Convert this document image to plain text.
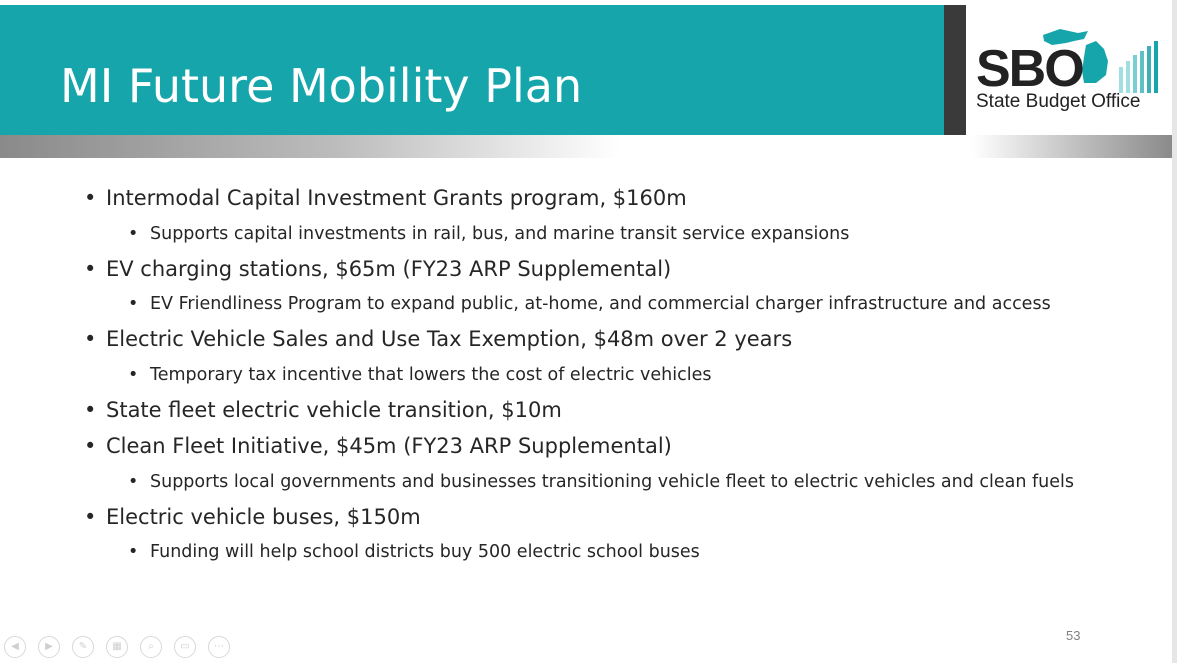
MI Future Mobility Plan	SBO
State Budget Office
• Intermodal Capital Investment Grants program, $160m
• Supports capital investments in rail, bus, and marine transit service expansions
• EV charging stations, $65m (FY23 ARP Supplemental)
• EV Friendliness Program to expand public, at-home, and commercial charger infrastructure and access
• Electric Vehicle Sales and Use Tax Exemption, $48m over 2 years
• Temporary tax incentive that lowers the cost of electric vehicles
• State fleet electric vehicle transition, $10m
• Clean Fleet Initiative, $45m (FY23 ARP Supplemental)
• Supports local governments and businesses transitioning vehicle fleet to electric vehicles and clean fuels
• Electric vehicle buses, $150m
• Funding will help school districts buy 500 electric school buses
53
◀	▶	✎	▦	⌕	▭	⋯
